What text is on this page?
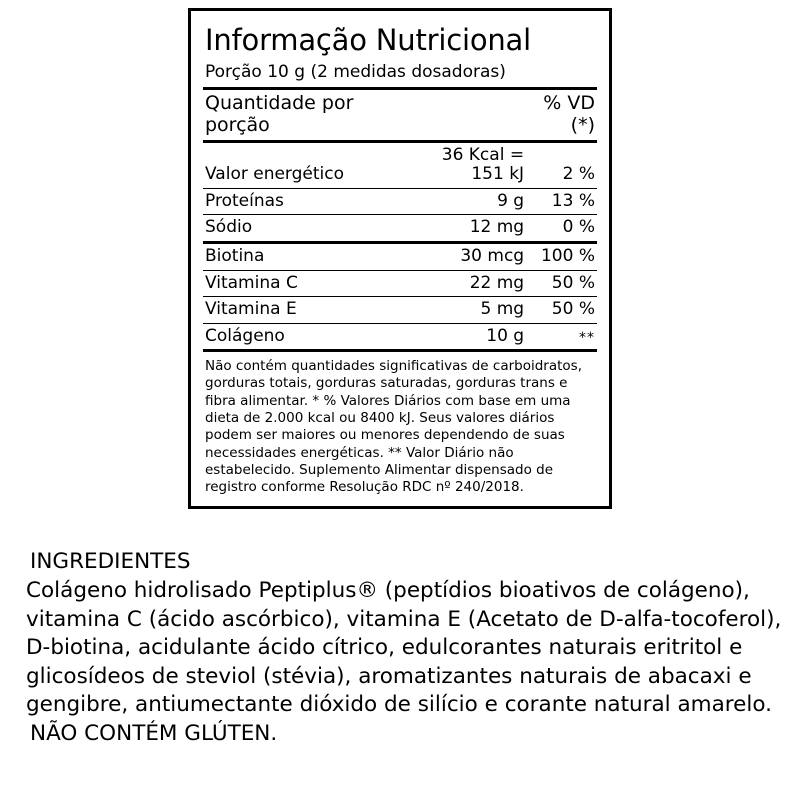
Informação Nutricional
Porção 10 g (2 medidas dosadoras)
Quantidade por porção		% VD (*)
Valor energético	36 Kcal = 151 kJ	2 %
Proteínas	9 g	13 %
Sódio	12 mg	0 %
Biotina	30 mcg	100 %
Vitamina C	22 mg	50 %
Vitamina E	5 mg	50 %
Colágeno	10 g	**
Não contém quantidades significativas de carboidratos, gorduras totais, gorduras saturadas, gorduras trans e fibra alimentar. * % Valores Diários com base em uma dieta de 2.000 kcal ou 8400 kJ. Seus valores diários podem ser maiores ou menores dependendo de suas necessidades energéticas. ** Valor Diário não estabelecido. Suplemento Alimentar dispensado de registro conforme Resolução RDC nº 240/2018.
INGREDIENTES
Colágeno hidrolisado Peptiplus® (peptídios bioativos de colágeno), vitamina C (ácido ascórbico), vitamina E (Acetato de D-alfa-tocoferol), D-biotina, acidulante ácido cítrico, edulcorantes naturais eritritol e glicosídeos de steviol (stévia), aromatizantes naturais de abacaxi e gengibre, antiumectante dióxido de silício e corante natural amarelo.
NÃO CONTÉM GLÚTEN.
